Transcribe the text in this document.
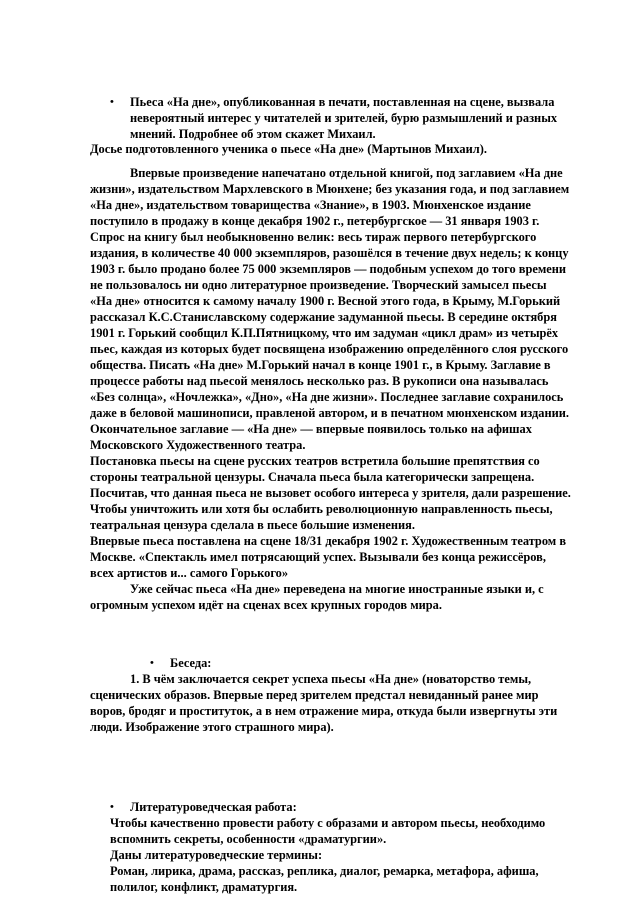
• Пьеса «На дне», опубликованная в печати, поставленная на сцене, вызвала
невероятный интерес у читателей и зрителей, бурю размышлений и разных
мнений. Подробнее об этом скажет Михаил.
Досье подготовленного ученика о пьесе «На дне» (Мартынов Михаил).
Впервые произведение напечатано отдельной книгой, под заглавием «На дне
жизни», издательством Мархлевского в Мюнхене; без указания года, и под заглавием
«На дне», издательством товарищества «Знание», в 1903. Мюнхенское издание
поступило в продажу в конце декабря 1902 г., петербургское — 31 января 1903 г.
Спрос на книгу был необыкновенно велик: весь тираж первого петербургского
издания, в количестве 40 000 экземпляров, разошёлся в течение двух недель; к концу
1903 г. было продано более 75 000 экземпляров — подобным успехом до того времени
не пользовалось ни одно литературное произведение. Творческий замысел пьесы
«На дне» относится к самому началу 1900 г. Весной этого года, в Крыму, М.Горький
рассказал К.С.Станиславскому содержание задуманной пьесы. В середине октября
1901 г. Горький сообщил К.П.Пятницкому, что им задуман «цикл драм» из четырёх
пьес, каждая из которых будет посвящена изображению определённого слоя русского
общества. Писать «На дне» М.Горький начал в конце 1901 г., в Крыму. Заглавие в
процессе работы над пьесой менялось несколько раз. В рукописи она называлась
«Без солнца», «Ночлежка», «Дно», «На дне жизни». Последнее заглавие сохранилось
даже в беловой машинописи, правленой автором, и в печатном мюнхенском издании.
Окончательное заглавие — «На дне» — впервые появилось только на афишах
Московского Художественного театра.
Постановка пьесы на сцене русских театров встретила большие препятствия со
стороны театральной цензуры. Сначала пьеса была категорически запрещена.
Посчитав, что данная пьеса не вызовет особого интереса у зрителя, дали разрешение.
Чтобы уничтожить или хотя бы ослабить революционную направленность пьесы,
театральная цензура сделала в пьесе большие изменения.
Впервые пьеса поставлена на сцене 18/31 декабря 1902 г. Художественным театром в
Москве. «Спектакль имел потрясающий успех. Вызывали без конца режиссёров,
всех артистов и... самого Горького»
Уже сейчас пьеса «На дне» переведена на многие иностранные языки и, с
огромным успехом идёт на сценах всех крупных городов мира.
• Беседа:
1. В чём заключается секрет успеха пьесы «На дне» (новаторство темы,
сценических образов. Впервые перед зрителем предстал невиданный ранее мир
воров, бродяг и проституток, а в нем отражение мира, откуда были извергнуты эти
люди. Изображение этого страшного мира).
• Литературоведческая работа:
Чтобы качественно провести работу с образами и автором пьесы, необходимо
вспомнить секреты, особенности «драматургии».
Даны литературоведческие термины:
Роман, лирика, драма, рассказ, реплика, диалог, ремарка, метафора, афиша,
полилог, конфликт, драматургия.
